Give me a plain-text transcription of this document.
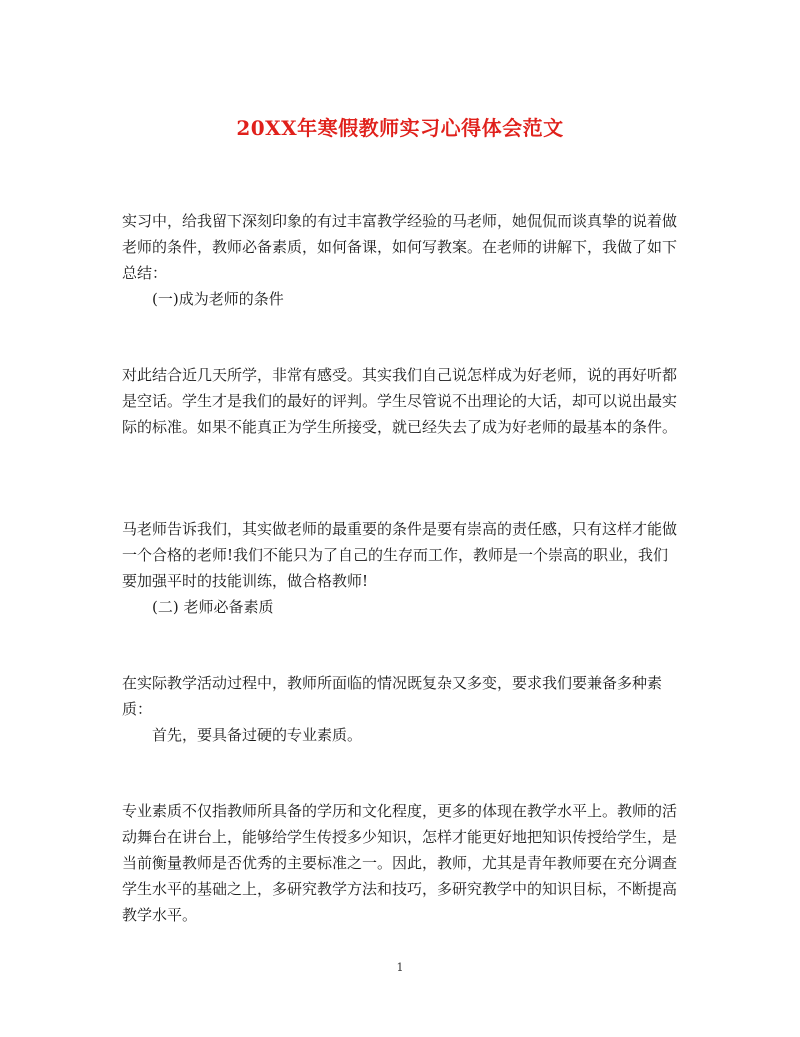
20XX年寒假教师实习心得体会范文

实习中，给我留下深刻印象的有过丰富教学经验的马老师，她侃侃而谈真挚的说着做老师的条件，教师必备素质，如何备课，如何写教案。在老师的讲解下，我做了如下总结：

(一)成为老师的条件

对此结合近几天所学，非常有感受。其实我们自己说怎样成为好老师，说的再好听都是空话。学生才是我们的最好的评判。学生尽管说不出理论的大话，却可以说出最实际的标准。如果不能真正为学生所接受，就已经失去了成为好老师的最基本的条件。

马老师告诉我们，其实做老师的最重要的条件是要有崇高的责任感，只有这样才能做一个合格的老师!我们不能只为了自己的生存而工作，教师是一个崇高的职业，我们要加强平时的技能训练，做合格教师!

(二) 老师必备素质

在实际教学活动过程中，教师所面临的情况既复杂又多变，要求我们要兼备多种素质：

首先，要具备过硬的专业素质。

专业素质不仅指教师所具备的学历和文化程度，更多的体现在教学水平上。教师的活动舞台在讲台上，能够给学生传授多少知识，怎样才能更好地把知识传授给学生，是当前衡量教师是否优秀的主要标准之一。因此，教师，尤其是青年教师要在充分调查学生水平的基础之上，多研究教学方法和技巧，多研究教学中的知识目标，不断提高教学水平。

1
